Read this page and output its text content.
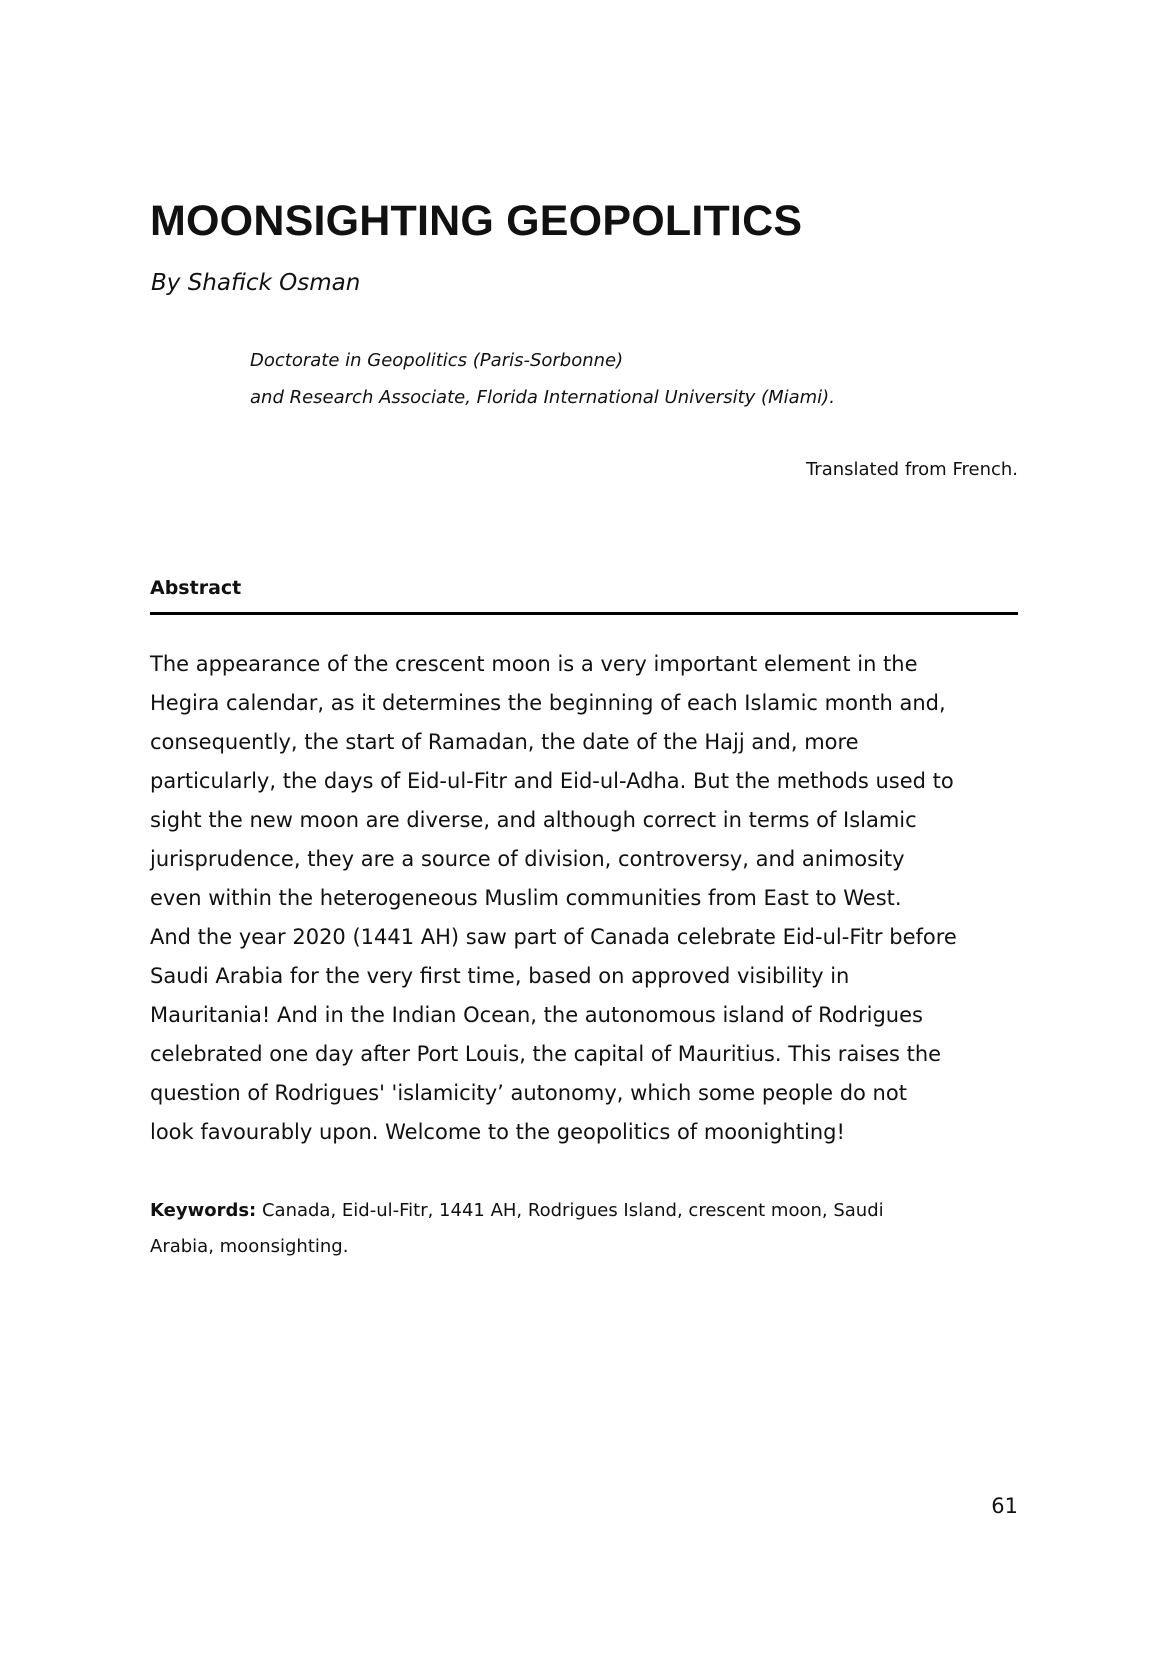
MOONSIGHTING GEOPOLITICS
By Shafick Osman
Doctorate in Geopolitics (Paris-Sorbonne)
and Research Associate, Florida International University (Miami).
Translated from French.
Abstract
The appearance of the crescent moon is a very important element in the
Hegira calendar, as it determines the beginning of each Islamic month and,
consequently, the start of Ramadan, the date of the Hajj and, more
particularly, the days of Eid-ul-Fitr and Eid-ul-Adha. But the methods used to
sight the new moon are diverse, and although correct in terms of Islamic
jurisprudence, they are a source of division, controversy, and animosity
even within the heterogeneous Muslim communities from East to West.
And the year 2020 (1441 AH) saw part of Canada celebrate Eid-ul-Fitr before
Saudi Arabia for the very first time, based on approved visibility in
Mauritania! And in the Indian Ocean, the autonomous island of Rodrigues
celebrated one day after Port Louis, the capital of Mauritius. This raises the
question of Rodrigues' 'islamicity’ autonomy, which some people do not
look favourably upon. Welcome to the geopolitics of moonighting!
Keywords: Canada, Eid-ul-Fitr, 1441 AH, Rodrigues Island, crescent moon, Saudi
Arabia, moonsighting.
61
